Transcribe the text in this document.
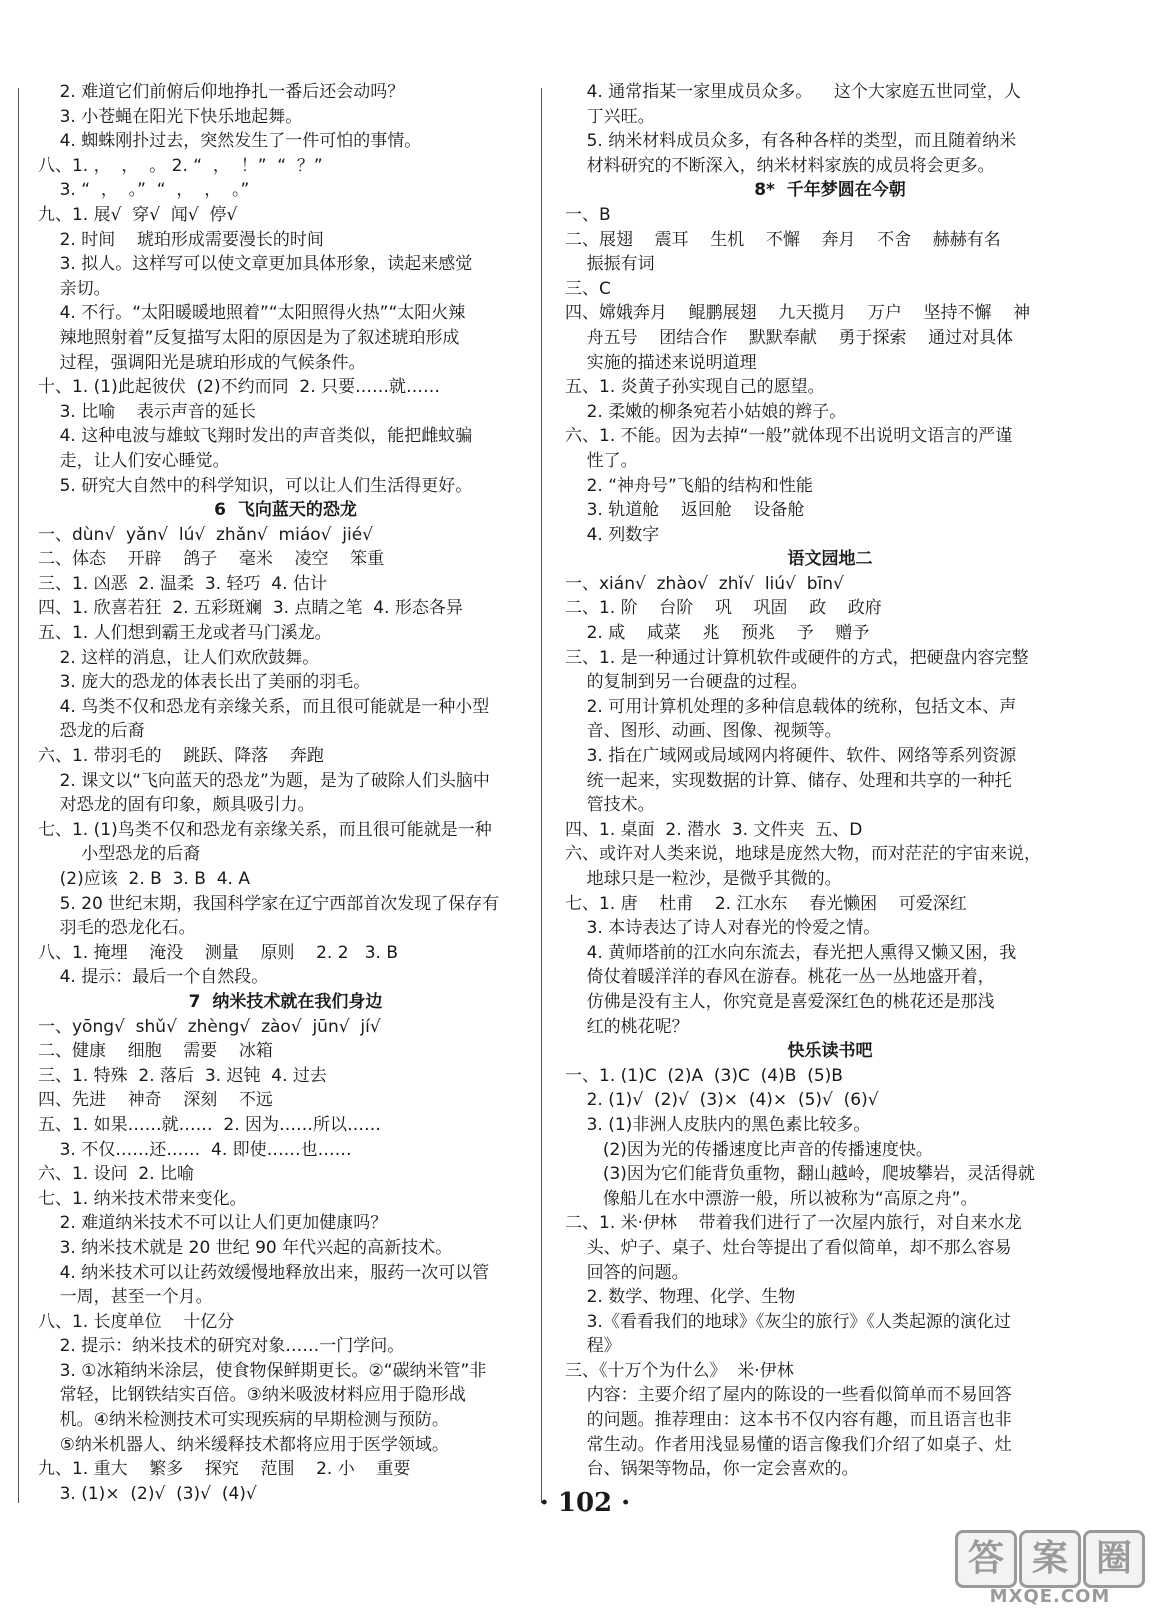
2. 难道它们前俯后仰地挣扎一番后还会动吗？
3. 小苍蝇在阳光下快乐地起舞。
4. 蜘蛛刚扑过去，突然发生了一件可怕的事情。
八、1. ，  ，  。 2. “  ，  ！”  “  ？”
3. “  ，  。”  “  ，  ，  。”
九、1. 展√  穿√  闻√  停√
2. 时间    琥珀形成需要漫长的时间
3. 拟人。这样写可以使文章更加具体形象，读起来感觉
亲切。
4. 不行。“太阳暖暖地照着”“太阳照得火热”“太阳火辣
辣地照射着”反复描写太阳的原因是为了叙述琥珀形成
过程，强调阳光是琥珀形成的气候条件。
十、1. (1)此起彼伏  (2)不约而同  2. 只要……就……
3. 比喻    表示声音的延长
4. 这种电波与雄蚊飞翔时发出的声音类似，能把雌蚊骗
走，让人们安心睡觉。
5. 研究大自然中的科学知识，可以让人们生活得更好。
6  飞向蓝天的恐龙
一、dùn√  yǎn√  lú√  zhǎn√  miáo√  jié√
二、体态    开辟    鸽子    毫米    凌空    笨重
三、1. 凶恶  2. 温柔  3. 轻巧  4. 估计
四、1. 欣喜若狂  2. 五彩斑斓  3. 点睛之笔  4. 形态各异
五、1. 人们想到霸王龙或者马门溪龙。
2. 这样的消息，让人们欢欣鼓舞。
3. 庞大的恐龙的体表长出了美丽的羽毛。
4. 鸟类不仅和恐龙有亲缘关系，而且很可能就是一种小型
恐龙的后裔
六、1. 带羽毛的    跳跃、降落    奔跑
2. 课文以“飞向蓝天的恐龙”为题，是为了破除人们头脑中
对恐龙的固有印象，颇具吸引力。
七、1. (1)鸟类不仅和恐龙有亲缘关系，而且很可能就是一种
小型恐龙的后裔
(2)应该  2. B  3. B  4. A
5. 20 世纪末期，我国科学家在辽宁西部首次发现了保存有
羽毛的恐龙化石。
八、1. 掩埋    淹没    测量    原则    2. 2   3. B
4. 提示：最后一个自然段。
7  纳米技术就在我们身边
一、yōng√  shǔ√  zhèng√  zào√  jūn√  jí√
二、健康    细胞    需要    冰箱
三、1. 特殊  2. 落后  3. 迟钝  4. 过去
四、先进    神奇    深刻    不远
五、1. 如果……就……  2. 因为……所以……
3. 不仅……还……  4. 即使……也……
六、1. 设问  2. 比喻
七、1. 纳米技术带来变化。
2. 难道纳米技术不可以让人们更加健康吗？
3. 纳米技术就是 20 世纪 90 年代兴起的高新技术。
4. 纳米技术可以让药效缓慢地释放出来，服药一次可以管
一周，甚至一个月。
八、1. 长度单位    十亿分
2. 提示：纳米技术的研究对象……一门学问。
3. ①冰箱纳米涂层，使食物保鲜期更长。②“碳纳米管”非
常轻，比钢铁结实百倍。③纳米吸波材料应用于隐形战
机。④纳米检测技术可实现疾病的早期检测与预防。
⑤纳米机器人、纳米缓释技术都将应用于医学领域。
九、1. 重大    繁多    探究    范围    2. 小    重要
3. (1)×  (2)√  (3)√  (4)√
4. 通常指某一家里成员众多。    这个大家庭五世同堂，人
丁兴旺。
5. 纳米材料成员众多，有各种各样的类型，而且随着纳米
材料研究的不断深入，纳米材料家族的成员将会更多。
8*  千年梦圆在今朝
一、B
二、展翅    震耳    生机    不懈    奔月    不舍    赫赫有名
振振有词
三、C
四、嫦娥奔月    鲲鹏展翅    九天揽月    万户    坚持不懈    神
舟五号    团结合作    默默奉献    勇于探索    通过对具体
实施的描述来说明道理
五、1. 炎黄子孙实现自己的愿望。
2. 柔嫩的柳条宛若小姑娘的辫子。
六、1. 不能。因为去掉“一般”就体现不出说明文语言的严谨
性了。
2. “神舟号”飞船的结构和性能
3. 轨道舱    返回舱    设备舱
4. 列数字
语文园地二
一、xián√  zhào√  zhǐ√  liú√  bīn√
二、1. 阶    台阶    巩    巩固    政    政府
2. 咸    咸菜    兆    预兆    予    赠予
三、1. 是一种通过计算机软件或硬件的方式，把硬盘内容完整
的复制到另一台硬盘的过程。
2. 可用计算机处理的多种信息载体的统称，包括文本、声
音、图形、动画、图像、视频等。
3. 指在广域网或局域网内将硬件、软件、网络等系列资源
统一起来，实现数据的计算、储存、处理和共享的一种托
管技术。
四、1. 桌面  2. 潜水  3. 文件夹  五、D
六、或许对人类来说，地球是庞然大物，而对茫茫的宇宙来说，
地球只是一粒沙，是微乎其微的。
七、1. 唐    杜甫    2. 江水东    春光懒困    可爱深红
3. 本诗表达了诗人对春光的怜爱之情。
4. 黄师塔前的江水向东流去，春光把人熏得又懒又困，我
倚仗着暖洋洋的春风在游春。桃花一丛一丛地盛开着，
仿佛是没有主人，你究竟是喜爱深红色的桃花还是那浅
红的桃花呢？
快乐读书吧
一、1. (1)C  (2)A  (3)C  (4)B  (5)B
2. (1)√  (2)√  (3)×  (4)×  (5)√  (6)√
3. (1)非洲人皮肤内的黑色素比较多。
(2)因为光的传播速度比声音的传播速度快。
(3)因为它们能背负重物，翻山越岭，爬坡攀岩，灵活得就
像船儿在水中漂游一般，所以被称为“高原之舟”。
二、1. 米·伊林    带着我们进行了一次屋内旅行，对自来水龙
头、炉子、桌子、灶台等提出了看似简单，却不那么容易
回答的问题。
2. 数学、物理、化学、生物
3.《看看我们的地球》《灰尘的旅行》《人类起源的演化过
程》
三、《十万个为什么》  米·伊林
内容：主要介绍了屋内的陈设的一些看似简单而不易回答
的问题。推荐理由：这本书不仅内容有趣，而且语言也非
常生动。作者用浅显易懂的语言像我们介绍了如桌子、灶
台、锅架等物品，你一定会喜欢的。
· 102 ·
答 案 圈
MXQE.COM
